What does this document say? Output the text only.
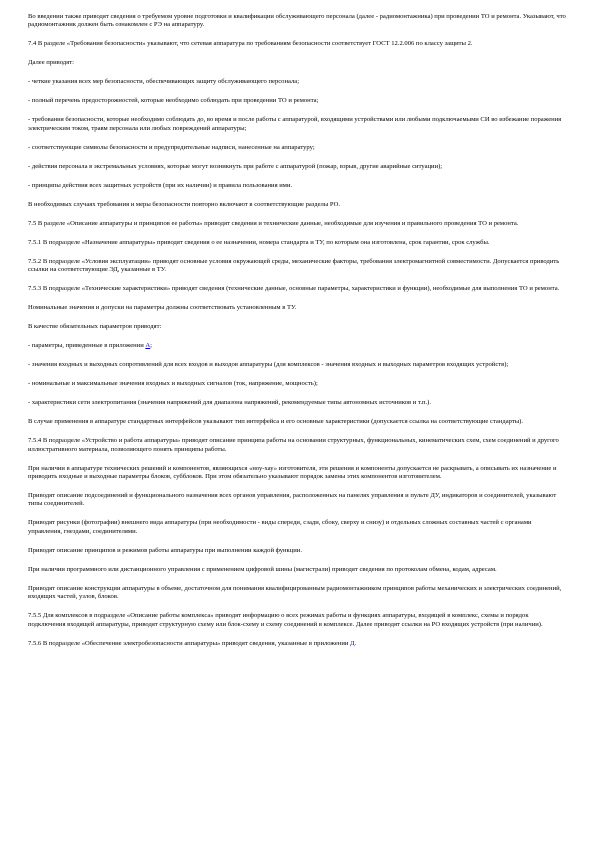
Во введении также приводят сведения о требуемом уровне подготовки и квалификации обслуживающего персонала (далее - радиомонтажника) при проведении ТО и ремонта. Указывают, что радиомонтажник должен быть ознакомлен с РЭ на аппаратуру.

7.4 В разделе «Требования безопасности» указывают, что сетевая аппаратура по требованиям безопасности соответствует ГОСТ 12.2.006 по классу защиты 2.

Далее приводят:

- четкие указания всех мер безопасности, обеспечивающих защиту обслуживающего персонала;

- полный перечень предосторожностей, которые необходимо соблюдать при проведении ТО и ремонта;

- требования безопасности, которые необходимо соблюдать до, во время и после работы с аппаратурой, входящими устройствами или любыми подключаемыми СИ во избежание поражения электрическим током, травм персонала или любых повреждений аппаратуры;

- соответствующие символы безопасности и предупредительные надписи, нанесенные на аппаратуру;

- действия персонала в экстремальных условиях, которые могут возникнуть при работе с аппаратурой (пожар, взрыв, другие аварийные ситуации);

- принципы действия всех защитных устройств (при их наличии) и правила пользования ими.

В необходимых случаях требования и меры безопасности повторно включают в соответствующие разделы РО.

7.5 В разделе «Описание аппаратуры и принципов ее работы» приводят сведения и технические данные, необходимые для изучения и правильного проведения ТО и ремонта.

7.5.1 В подразделе «Назначение аппаратуры» приводят сведения о ее назначении, номера стандарта и ТУ, по которым она изготовлена, срок гарантии, срок службы.

7.5.2 В подразделе «Условия эксплуатации» приводят основные условия окружающей среды, механические факторы, требования электромагнитной совместимости. Допускается приводить ссылки на соответствующие ЭД, указанные в ТУ.

7.5.3 В подразделе «Технические характеристики» приводят сведения (технические данные, основные параметры, характеристики и функции), необходимые для выполнения ТО и ремонта.

Номинальные значения и допуски на параметры должны соответствовать установленным в ТУ.

В качестве обязательных параметров приводят:

- параметры, приведенные в приложении А;

- значения входных и выходных сопротивлений для всех входов и выходов аппаратуры (для комплексов - значения входных и выходных параметров входящих устройств);

- номинальные и максимальные значения входных и выходных сигналов (ток, напряжение, мощность);

- характеристики сети электропитания (значения напряжений для диапазона напряжений, рекомендуемые типы автономных источников и т.п.).

В случае применения в аппаратуре стандартных интерфейсов указывают тип интерфейса и его основные характеристики (допускается ссылка на соответствующие стандарты).

7.5.4 В подразделе «Устройство и работа аппаратуры» приводят описание принципа работы на основании структурных, функциональных, кинематических схем, схем соединений и другого иллюстративного материала, позволяющего понять принципы работы.

При наличии в аппаратуре технических решений и компонентов, являющихся «ноу-хау» изготовителя, эти решения и компоненты допускается не раскрывать, а описывать их назначение и приводить входные и выходные параметры блоков, субблоков. При этом обязательно указывают порядок замены этих компонентов изготовителем.

Приводят описание подсоединений и функционального назначения всех органов управления, расположенных на панелях управления и пульте ДУ, индикаторов и соединителей, указывают типы соединителей.

Приводят рисунки (фотографии) внешнего вида аппаратуры (при необходимости - виды спереди, сзади, сбоку, сверху и снизу) и отдельных сложных составных частей с органами управления, гнездами, соединителями.

Приводят описание принципов и режимов работы аппаратуры при выполнении каждой функции.

При наличии программного или дистанционного управления с применением цифровой шины (магистрали) приводят сведения по протоколам обмена, кодам, адресам.

Приводят описание конструкции аппаратуры в объеме, достаточном для понимания квалифицированным радиомонтажником принципов работы механических и электрических соединений, входящих частей, узлов, блоков.

7.5.5 Для комплексов в подразделе «Описание работы комплекса» приводят информацию о всех режимах работы и функциях аппаратуры, входящей в комплекс, схемы и порядок подключения входящей аппаратуры, приводят структурную схему или блок-схему и схему соединений в комплексе. Далее приводят ссылки на РО входящих устройств (при наличии).

7.5.6 В подразделе «Обеспечение электробезопасности аппаратуры» приводят сведения, указанные в приложении Д.
